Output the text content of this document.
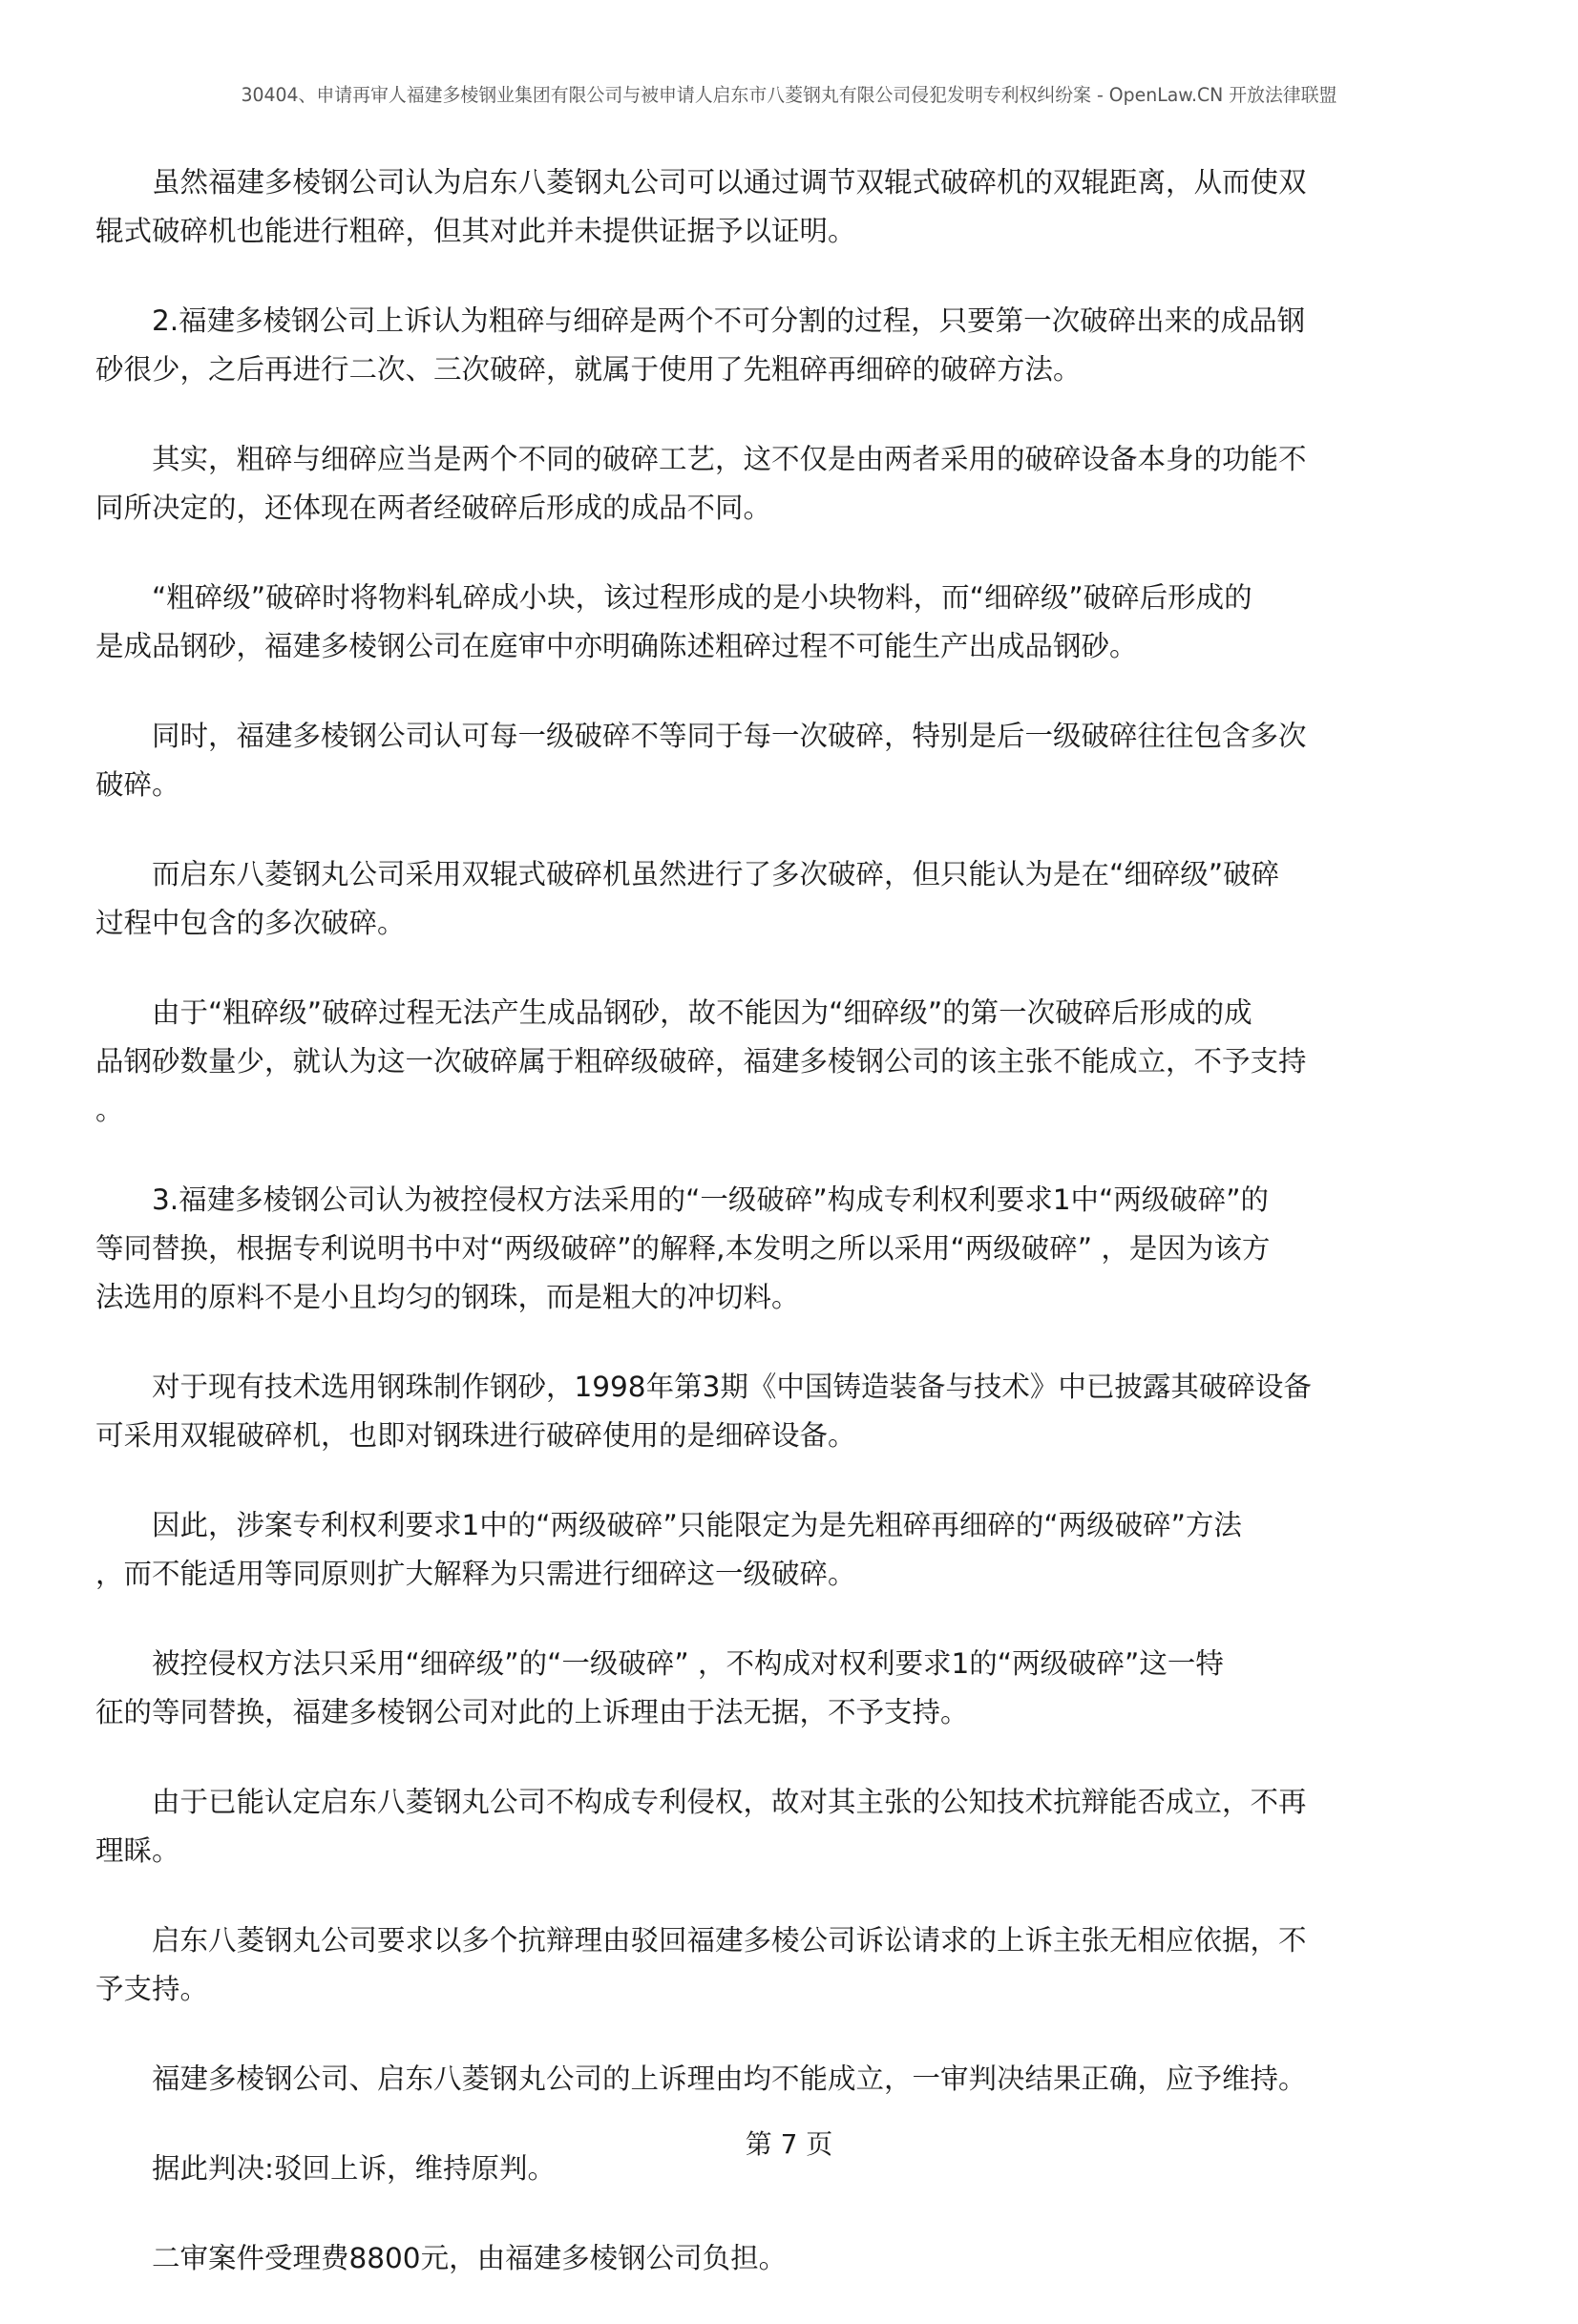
30404、申请再审人福建多棱钢业集团有限公司与被申请人启东市八菱钢丸有限公司侵犯发明专利权纠纷案 - OpenLaw.CN 开放法律联盟
　　虽然福建多棱钢公司认为启东八菱钢丸公司可以通过调节双辊式破碎机的双辊距离，从而使双
辊式破碎机也能进行粗碎，但其对此并未提供证据予以证明。
　　2.福建多棱钢公司上诉认为粗碎与细碎是两个不可分割的过程，只要第一次破碎出来的成品钢
砂很少，之后再进行二次、三次破碎，就属于使用了先粗碎再细碎的破碎方法。
　　其实，粗碎与细碎应当是两个不同的破碎工艺，这不仅是由两者采用的破碎设备本身的功能不
同所决定的，还体现在两者经破碎后形成的成品不同。
　　“粗碎级”破碎时将物料轧碎成小块，该过程形成的是小块物料，而“细碎级”破碎后形成的
是成品钢砂，福建多棱钢公司在庭审中亦明确陈述粗碎过程不可能生产出成品钢砂。
　　同时，福建多棱钢公司认可每一级破碎不等同于每一次破碎，特别是后一级破碎往往包含多次
破碎。
　　而启东八菱钢丸公司采用双辊式破碎机虽然进行了多次破碎，但只能认为是在“细碎级”破碎
过程中包含的多次破碎。
　　由于“粗碎级”破碎过程无法产生成品钢砂，故不能因为“细碎级”的第一次破碎后形成的成
品钢砂数量少，就认为这一次破碎属于粗碎级破碎，福建多棱钢公司的该主张不能成立，不予支持
。
　　3.福建多棱钢公司认为被控侵权方法采用的“一级破碎”构成专利权利要求1中“两级破碎”的
等同替换，根据专利说明书中对“两级破碎”的解释,本发明之所以采用“两级破碎” ，是因为该方
法选用的原料不是小且均匀的钢珠，而是粗大的冲切料。
　　对于现有技术选用钢珠制作钢砂，1998年第3期《中国铸造装备与技术》中已披露其破碎设备
可采用双辊破碎机，也即对钢珠进行破碎使用的是细碎设备。
　　因此，涉案专利权利要求1中的“两级破碎”只能限定为是先粗碎再细碎的“两级破碎”方法
，而不能适用等同原则扩大解释为只需进行细碎这一级破碎。
　　被控侵权方法只采用“细碎级”的“一级破碎” ，不构成对权利要求1的“两级破碎”这一特
征的等同替换，福建多棱钢公司对此的上诉理由于法无据，不予支持。
　　由于已能认定启东八菱钢丸公司不构成专利侵权，故对其主张的公知技术抗辩能否成立，不再
理睬。
　　启东八菱钢丸公司要求以多个抗辩理由驳回福建多棱公司诉讼请求的上诉主张无相应依据，不
予支持。
　　福建多棱钢公司、启东八菱钢丸公司的上诉理由均不能成立，一审判决结果正确，应予维持。
　　据此判决:驳回上诉，维持原判。
　　二审案件受理费8800元，由福建多棱钢公司负担。
第 7 页
